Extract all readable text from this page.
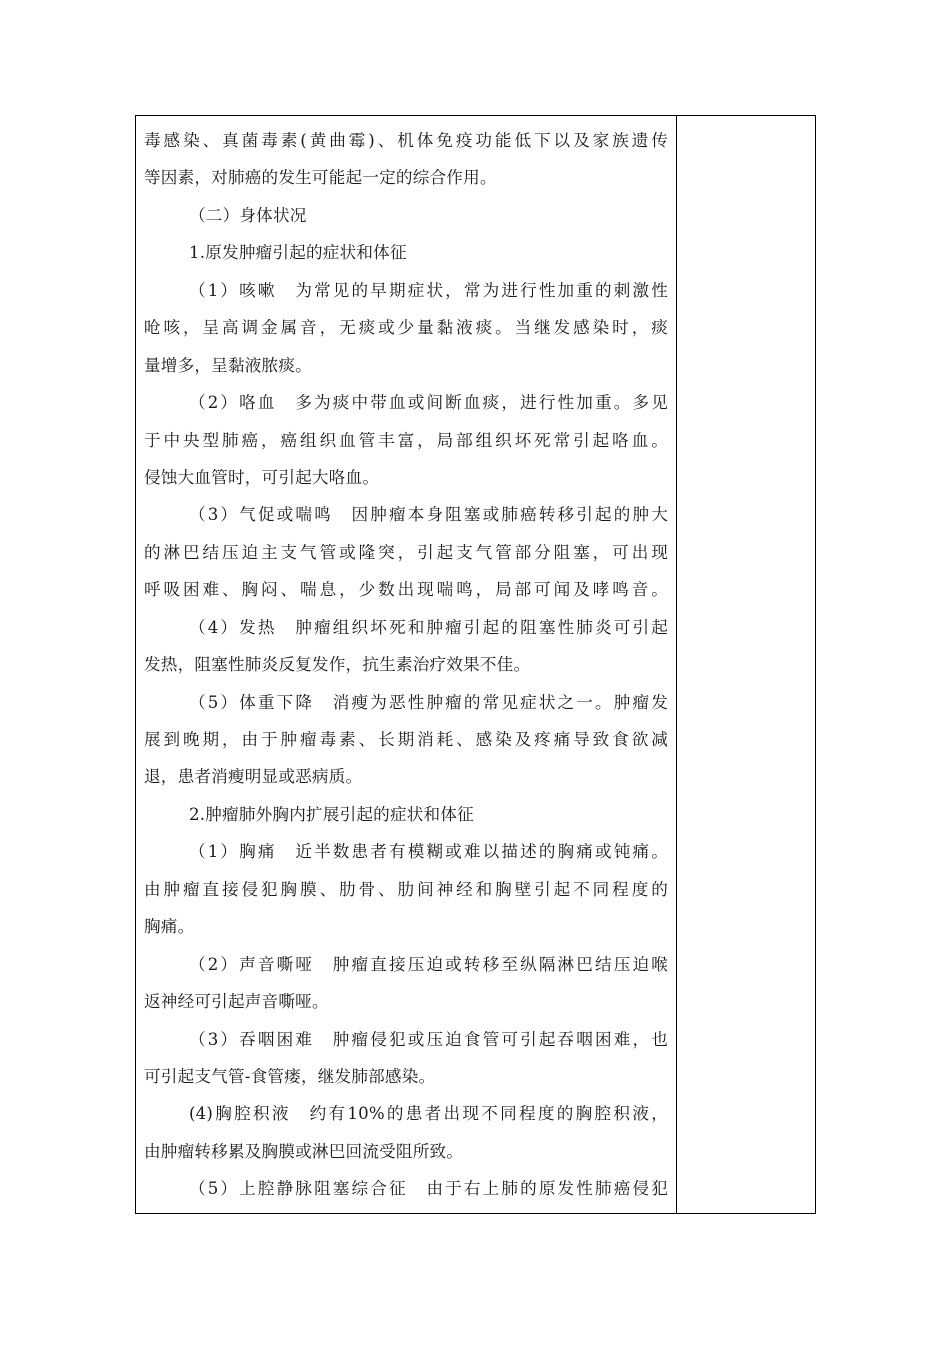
毒感染、真菌毒素(黄曲霉)、机体免疫功能低下以及家族遗传
等因素，对肺癌的发生可能起一定的综合作用。
（二）身体状况
1.原发肿瘤引起的症状和体征
（1）咳嗽　为常见的早期症状，常为进行性加重的刺激性
呛咳，呈高调金属音，无痰或少量黏液痰。当继发感染时，痰
量增多，呈黏液脓痰。
（2）咯血　多为痰中带血或间断血痰，进行性加重。多见
于中央型肺癌，癌组织血管丰富，局部组织坏死常引起咯血。
侵蚀大血管时，可引起大咯血。
（3）气促或喘鸣　因肿瘤本身阻塞或肺癌转移引起的肿大
的淋巴结压迫主支气管或隆突，引起支气管部分阻塞，可出现
呼吸困难、胸闷、喘息，少数出现喘鸣，局部可闻及哮鸣音。
（4）发热　肿瘤组织坏死和肿瘤引起的阻塞性肺炎可引起
发热，阻塞性肺炎反复发作，抗生素治疗效果不佳。
（5）体重下降　消瘦为恶性肿瘤的常见症状之一。肿瘤发
展到晚期，由于肿瘤毒素、长期消耗、感染及疼痛导致食欲减
退，患者消瘦明显或恶病质。
2.肿瘤肺外胸内扩展引起的症状和体征
（1）胸痛　近半数患者有模糊或难以描述的胸痛或钝痛。
由肿瘤直接侵犯胸膜、肋骨、肋间神经和胸壁引起不同程度的
胸痛。
（2）声音嘶哑　肿瘤直接压迫或转移至纵隔淋巴结压迫喉
返神经可引起声音嘶哑。
（3）吞咽困难　肿瘤侵犯或压迫食管可引起吞咽困难，也
可引起支气管-食管瘘，继发肺部感染。
(4)胸腔积液　约有10%的患者出现不同程度的胸腔积液，
由肿瘤转移累及胸膜或淋巴回流受阻所致。
（5）上腔静脉阻塞综合征　由于右上肺的原发性肺癌侵犯
